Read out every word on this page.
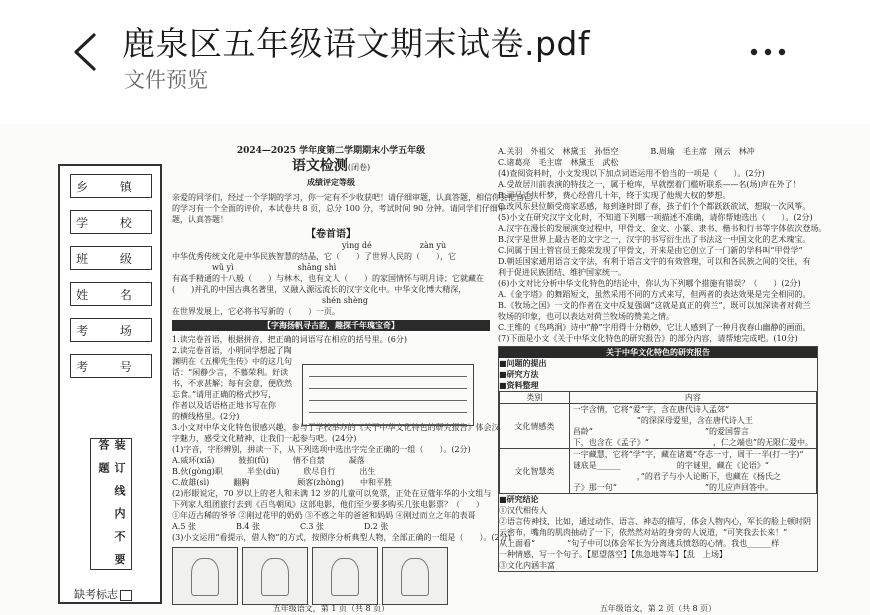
鹿泉区五年级语文期末试卷.pdf
文件预览
乡 镇
学 校
班 级
姓 名
考 场
考 号
装 订 线 内 不 要 答 题
缺考标志
2024—2025 学年度第二学期期末小学五年级
语文检测(闭卷)
成绩评定等级
亲爱的同学们，经过一个学期的学习，你一定有不少收获吧！请仔细审题，认真答题，相信你会把自己
的学习有一个全面的评价，本试卷共 8 页，总分 100 分，考试时间 90 分钟。请同学们仔细审
题，认真答题！
【卷首语】
yìng dé　　　　　　	zàn yù
中华优秀传统文化是中华民族智慧的结晶，它（　　）了世界人民的（　　），它
wǔ yì　　　　　　　　shāng shì
有高手精通的十八般（　　）与林木，也有文人（　　）的家国情怀与明月诗；它就藏在
(　　)并孔的中国古典名著里，又融入源远流长的汉字文化中。中华文化博大精深，
shén shèng
在世界发展上，它必将书写新的（　　）一页。
【字海扬帆寻古韵，趣探千年瑰宝奇】
1.读完卷首语，根据拼音，把正确的词语写在相应的括号里。(6分)
2.读完卷首语，小明同学想起了陶
渊明在《五柳先生传》中的这几句
话：“闲静少言，不慕荣利。好读
书，不求甚解；每有会意，便欣然
忘食。”请用正确的格式抄写，
作者以及话语格正地书写在你
的横线格里。(2分)
3.小文对中华文化特色很感兴趣，参与了学校举办的《关于中华文化特色的研究报告》体会汉
字魅力，感受文化精神，让我们一起参与吧。(24分)
(1)字音，字形辨别，拼读一下，从下列选项中选出字完全正确的一组（　　）。(2分)
A.威环(xiǎ)　　　彼拍(fū)　　　情不自禁　　　凝落
B.伙(gòng)职　　　半坐(dù)　　　欣尽自行　　　出生
C.故雄(sì)　　　翻胸　　　　　　顾客(zhòng)　　中和平胜
(2)形眼说定，70 岁以上的老人和未满 12 岁的儿童可以免票，正处在豆蔻年华的小文组与
下列家人组团旅行去到《百鸟朝凤》这部电影，他们至少要多购买几张电影票？（　　）
①年迈古稀的爷爷 ②刚过花甲的奶奶 ③不惑之年的爸爸和妈妈 ④刚过而立之年的表哥
A.5 张　　　　　B.4 张　　　　　C.3 张　　　　　D.2 张
(3)小文运用“看提示，借人物”的方式，按照序分析典型人物，全部正确的一组是（　　）。(2分)
五年级语文，第 1 页（共 8 页）
A.关羽　外祖父　林黛玉　孙悟空　　　　B.周瑜　毛主席　刚云　林冲
C.诸葛亮　毛主席　林黛玉　武松
(4)查阅资料时，小文发现以下加点词语运用不恰当的一项是（　　）。(2分)
A.受故居川前表演的特技之一，属于枪库，早就摆着门槛听联系——名(场)声在外了！
B.司马迁扶杆梦，费心经营几十年，终于实现了他规大权的梦想。
C.改风东县位颇受商家恶感，每到逢时即了春，孩子们个个都跃跃欲试，想取一次风筝。
(5)小文在研究汉字文化时，不知道下列哪一项描述不准确，请你帮她选出（　　）。(2分)
A.汉字在漫长的发展演变过程中，甲骨文、金文、小篆、隶书、楷书和行书等字体依次登场。
B.汉字是世界上最古老的文字之一，汉字的书写衍生出了书法这一中国文化的艺术瑰宝。
C.同属于国土管官员王懿荣发现了甲骨文，开来是由它创立了一门新的学科叫“甲骨学”
D.朝廷国家通用语言文字法，有利于语言文字的有效管理，可以和各民族之间的交往，有
利于促进民族团结、维护国家统一。
(6)小文对比分析中华文化特色的结论中，你认为下列哪个措施有错误？（　　）(2分)
A.《金字塔》的舞蹈短文，虽然采用不同的方式来写，但两者的表达效果是完全相同的。
B.《牧场之国》一文的作者在文中反复强调“这就是真正的荷兰”，既可以加深读者对荷兰
牧场的印象，也可以表达对荷兰牧场的赞美之情。
C.王维的《鸟鸣涧》诗中“静”字用得十分精妙，它让人感到了一种月夜春山幽静的画面。
(7)下面是小文《关于中华文化特色的研究报告》的部分内容，请帮她完成吧。(10分)
关于中华文化特色的研究报告
■问题的提出
■研究方法
■资料整理
类别	内容
文化情感类	一字含情，它将“爱”字，含在唐代诗人孟郊“
　　　　　　　　”的深深母爱里，含在唐代诗人王
昌龄“　　　　　　　　　　　　　　”的爱国誓言
下，也含在《孟子》“　　　　　　　　，仁之端也”的无限仁爱中。

文化智慧类	一字藏慧，它将“学”字，藏在诸葛“夺志一寸，周干一半(打一字)”
谜底是______　　　　　　　的字谜里，藏在《论语》“
　　　　　　　　，”的君子与小人论断下，也藏在《杨氏之
子》那一句“　　　　　　　　　　　”的儿应声回答中。
■研究结论
①汉代相传人
②语言传神技，比如，通过动作、语言、神态的描写，体会人物内心，军长的脸上顿时阴
云密布，嘴角的肌肉抽动了一下，依然然对站的身旁的人说道，“可笑我去长来！”
从上面看“　　　　”句子中可以体会军长为分离逃兵愤怒的心情。我也______样
一种情感，写一个句子。【愿望落空】【焦急地等车】【乱　上场】
③文化内涵丰富
五年级语文，第 2 页（共 8 页）
